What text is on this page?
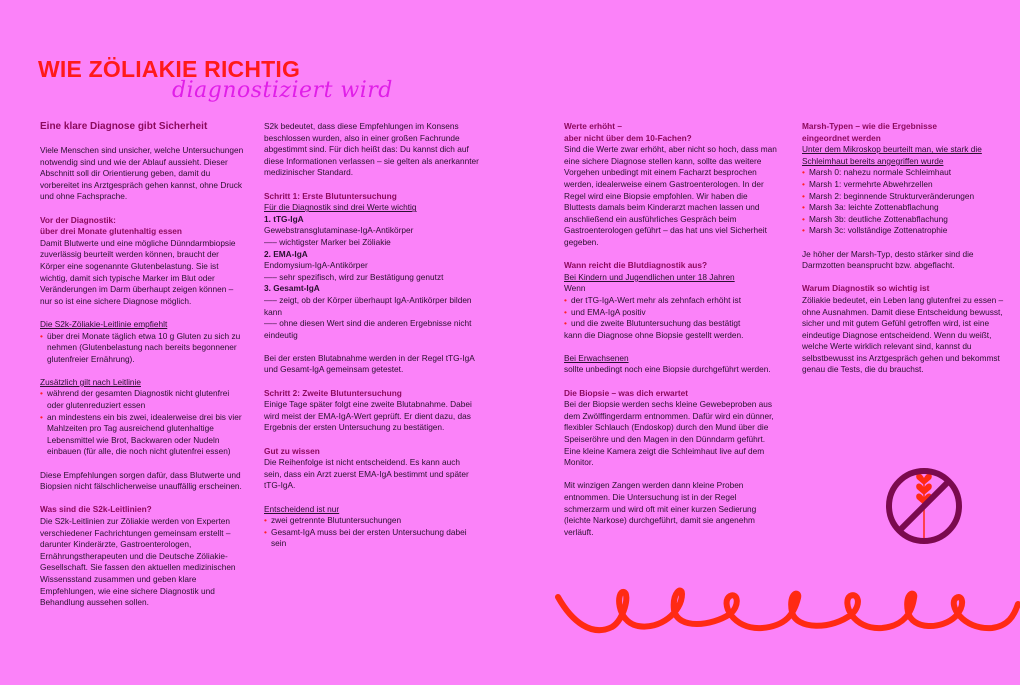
WIE ZÖLIAKIE RICHTIG
diagnostiziert wird

Eine klare Diagnose gibt Sicherheit

Viele Menschen sind unsicher, welche Untersuchungen notwendig sind und wie der Ablauf aussieht. Dieser Abschnitt soll dir Orientierung geben, damit du vorbereitet ins Arztgespräch gehen kannst, ohne Druck und ohne Fachsprache.

Vor der Diagnostik:

über drei Monate glutenhaltig essen

Damit Blutwerte und eine mögliche Dünndarmbiopsie zuverlässig beurteilt werden können, braucht der Körper eine sogenannte Glutenbelastung. Sie ist wichtig, damit sich typische Marker im Blut oder Veränderungen im Darm überhaupt zeigen können – nur so ist eine sichere Diagnose möglich.

Die S2k-Zöliakie-Leitlinie empfiehlt

• über drei Monate täglich etwa 10 g Gluten zu sich zu nehmen (Glutenbelastung nach bereits begonnener glutenfreier Ernährung).

Zusätzlich gilt nach Leitlinie

• während der gesamten Diagnostik nicht glutenfrei oder glutenreduziert essen
• an mindestens ein bis zwei, idealerweise drei bis vier Mahlzeiten pro Tag ausreichend glutenhaltige Lebensmittel wie Brot, Backwaren oder Nudeln einbauen (für alle, die noch nicht glutenfrei essen)

Diese Empfehlungen sorgen dafür, dass Blutwerte und Biopsien nicht fälschlicherweise unauffällig erscheinen.

Was sind die S2k-Leitlinien?

Die S2k-Leitlinien zur Zöliakie werden von Experten verschiedener Fachrichtungen gemeinsam erstellt – darunter Kinderärzte, Gastroenterologen, Ernährungstherapeuten und die Deutsche Zöliakie-Gesellschaft. Sie fassen den aktuellen medizinischen Wissensstand zusammen und geben klare Empfehlungen, wie eine sichere Diagnostik und Behandlung aussehen sollen.

S2k bedeutet, dass diese Empfehlungen im Konsens beschlossen wurden, also in einer großen Fachrunde abgestimmt sind. Für dich heißt das: Du kannst dich auf diese Informationen verlassen – sie gelten als anerkannter medizinischer Standard.

Schritt 1: Erste Blutuntersuchung

Für die Diagnostik sind drei Werte wichtig

1. tTG-IgA

Gewebstransglutaminase-IgA-Antikörper

—– wichtigster Marker bei Zöliakie

2. EMA-IgA

Endomysium-IgA-Antikörper

—– sehr spezifisch, wird zur Bestätigung genutzt

3. Gesamt-IgA

—– zeigt, ob der Körper überhaupt IgA-Antikörper bilden kann

—– ohne diesen Wert sind die anderen Ergebnisse nicht eindeutig

Bei der ersten Blutabnahme werden in der Regel tTG-IgA und Gesamt-IgA gemeinsam getestet.

Schritt 2: Zweite Blutuntersuchung

Einige Tage später folgt eine zweite Blutabnahme. Dabei wird meist der EMA-IgA-Wert geprüft. Er dient dazu, das Ergebnis der ersten Untersuchung zu bestätigen.

Gut zu wissen

Die Reihenfolge ist nicht entscheidend. Es kann auch sein, dass ein Arzt zuerst EMA-IgA bestimmt und später tTG-IgA.

Entscheidend ist nur

• zwei getrennte Blutuntersuchungen
• Gesamt-IgA muss bei der ersten Untersuchung dabei sein

Werte erhöht –

aber nicht über dem 10-Fachen?

Sind die Werte zwar erhöht, aber nicht so hoch, dass man eine sichere Diagnose stellen kann, sollte das weitere Vorgehen unbedingt mit einem Facharzt besprochen werden, idealerweise einem Gastroenterologen. In der Regel wird eine Biopsie empfohlen. Wir haben die Bluttests damals beim Kinderarzt machen lassen und anschließend ein ausführliches Gespräch beim Gastroenterologen geführt – das hat uns viel Sicherheit gegeben.

Wann reicht die Blutdiagnostik aus?

Bei Kindern und Jugendlichen unter 18 Jahren

Wenn

• der tTG-IgA-Wert mehr als zehnfach erhöht ist
• und EMA-IgA positiv
• und die zweite Blutuntersuchung das bestätigt

kann die Diagnose ohne Biopsie gestellt werden.

Bei Erwachsenen

sollte unbedingt noch eine Biopsie durchgeführt werden.

Die Biopsie – was dich erwartet

Bei der Biopsie werden sechs kleine Gewebeproben aus dem Zwölffingerdarm entnommen. Dafür wird ein dünner, flexibler Schlauch (Endoskop) durch den Mund über die Speiseröhre und den Magen in den Dünndarm geführt. Eine kleine Kamera zeigt die Schleimhaut live auf dem Monitor.

Mit winzigen Zangen werden dann kleine Proben entnommen. Die Untersuchung ist in der Regel schmerzarm und wird oft mit einer kurzen Sedierung (leichte Narkose) durchgeführt, damit sie angenehm verläuft.

Marsh-Typen – wie die Ergebnisse

eingeordnet werden

Unter dem Mikroskop beurteilt man, wie stark die Schleimhaut bereits angegriffen wurde

• Marsh 0: nahezu normale Schleimhaut
• Marsh 1: vermehrte Abwehrzellen
• Marsh 2: beginnende Strukturveränderungen
• Marsh 3a: leichte Zottenabflachung
• Marsh 3b: deutliche Zottenabflachung
• Marsh 3c: vollständige Zottenatrophie

Je höher der Marsh-Typ, desto stärker sind die Darmzotten beansprucht bzw. abgeflacht.

Warum Diagnostik so wichtig ist

Zöliakie bedeutet, ein Leben lang glutenfrei zu essen – ohne Ausnahmen. Damit diese Entscheidung bewusst, sicher und mit gutem Gefühl getroffen wird, ist eine eindeutige Diagnose entscheidend. Wenn du weißt, welche Werte wirklich relevant sind, kannst du selbstbewusst ins Arztgespräch gehen und bekommst genau die Tests, die du brauchst.
